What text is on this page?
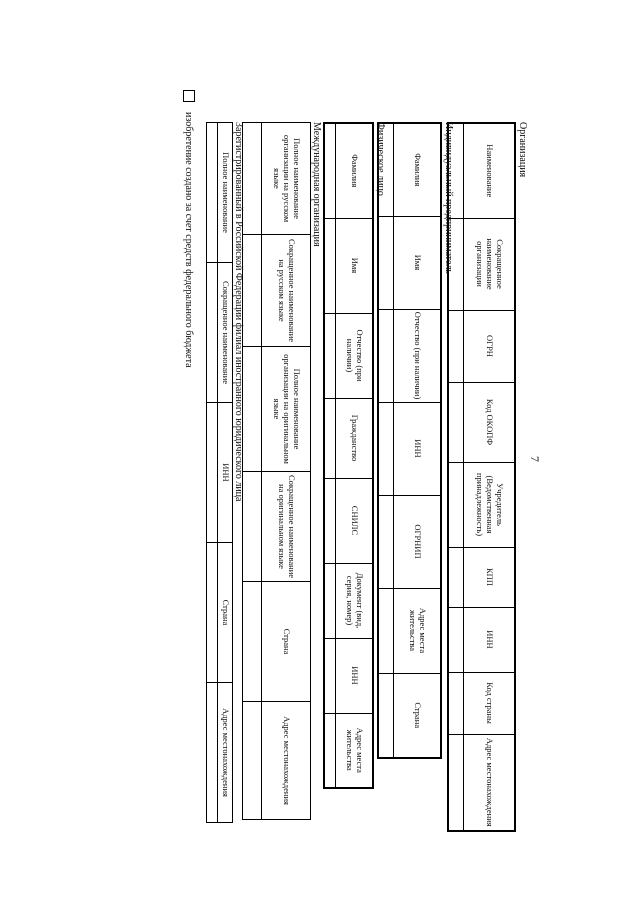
7
Организация
Наименование	Сокращенное наименование организации	ОГРН	Код ОКОПФ	Учредитель (Ведомственная принадлежность)	КПП	ИНН	Код страны	Адрес местонахождения

Индивидуальный предприниматель
Фамилия	Имя	Отчество (при наличии)	ИНН	ОГРНИП	Адрес места жительства	Страна

Физическое лицо
Фамилия	Имя	Отчество (при наличии)	Гражданство	СНИЛС	Документ (вид, серия, номер)	ИНН	Адрес места жительства

Международная организация
Полное наименование организации на русском языке	Сокращенное наименование на русском языке	Полное наименование организации на оригинальном языке	Сокращенное наименование на оригинальном языке	Страна	Адрес местонахождения

Зарегистрированный в Российской Федерации филиал иностранного юридического лица
Полное наименование	Сокращенное наименование	ИНН	Страна	Адрес местонахождения

изобретение создано за счет средств федерального бюджета
